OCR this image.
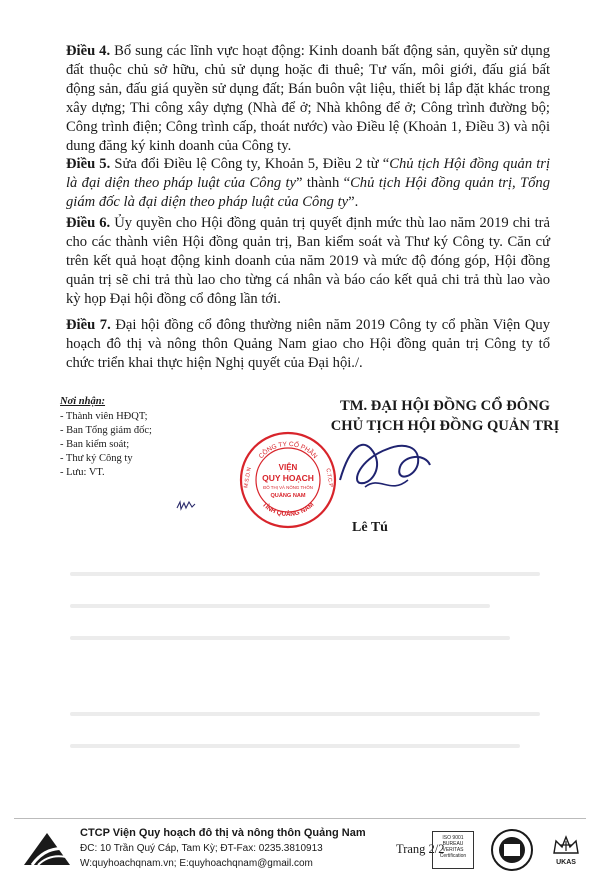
Điều 4. Bổ sung các lĩnh vực hoạt động: Kinh doanh bất động sản, quyền sử dụng đất thuộc chủ sở hữu, chủ sử dụng hoặc đi thuê; Tư vấn, môi giới, đấu giá bất động sản, đấu giá quyền sử dụng đất; Bán buôn vật liệu, thiết bị lắp đặt khác trong xây dựng; Thi công xây dựng (Nhà để ở; Nhà không để ở; Công trình đường bộ; Công trình điện; Công trình cấp, thoát nước) vào Điều lệ (Khoản 1, Điều 3) và nội dung đăng ký kinh doanh của Công ty.

Điều 5. Sửa đổi Điều lệ Công ty, Khoản 5, Điều 2 từ “Chủ tịch Hội đồng quản trị là đại diện theo pháp luật của Công ty” thành “Chủ tịch Hội đồng quản trị, Tổng giám đốc là đại diện theo pháp luật của Công ty”.

Điều 6. Ủy quyền cho Hội đồng quản trị quyết định mức thù lao năm 2019 chi trả cho các thành viên Hội đồng quản trị, Ban kiểm soát và Thư ký Công ty. Căn cứ trên kết quả hoạt động kinh doanh của năm 2019 và mức độ đóng góp, Hội đồng quản trị sẽ chi trả thù lao cho từng cá nhân và báo cáo kết quả chi trả thù lao vào kỳ họp Đại hội đồng cổ đông lần tới.

Điều 7. Đại hội đồng cổ đông thường niên năm 2019 Công ty cổ phần Viện Quy hoạch đô thị và nông thôn Quảng Nam giao cho Hội đồng quản trị Công ty tổ chức triển khai thực hiện Nghị quyết của Đại hội./.

Nơi nhận:
- Thành viên HĐQT;
- Ban Tổng giám đốc;
- Ban kiểm soát;
- Thư ký Công ty
- Lưu: VT.
TM. ĐẠI HỘI ĐỒNG CỔ ĐÔNG
CHỦ TỊCH HỘI ĐỒNG QUẢN TRỊ
CÔNG TY CỔ PHẦN
TỈNH QUẢNG NAM
M.S.D.N	C.T.C.P
VIỆN
QUY HOẠCH
ĐÔ THỊ VÀ NÔNG THÔN
QUẢNG NAM
Lê Tú
CTCP Viện Quy hoạch đô thị và nông thôn Quảng Nam
ĐC: 10 Trần Quý Cáp, Tam Kỳ; ĐT-Fax: 0235.3810913
W:quyhoachqnam.vn; E:quyhoachqnam@gmail.com
Trang 2/2
ISO 9001
BUREAU VERITAS Certification
UKAS
